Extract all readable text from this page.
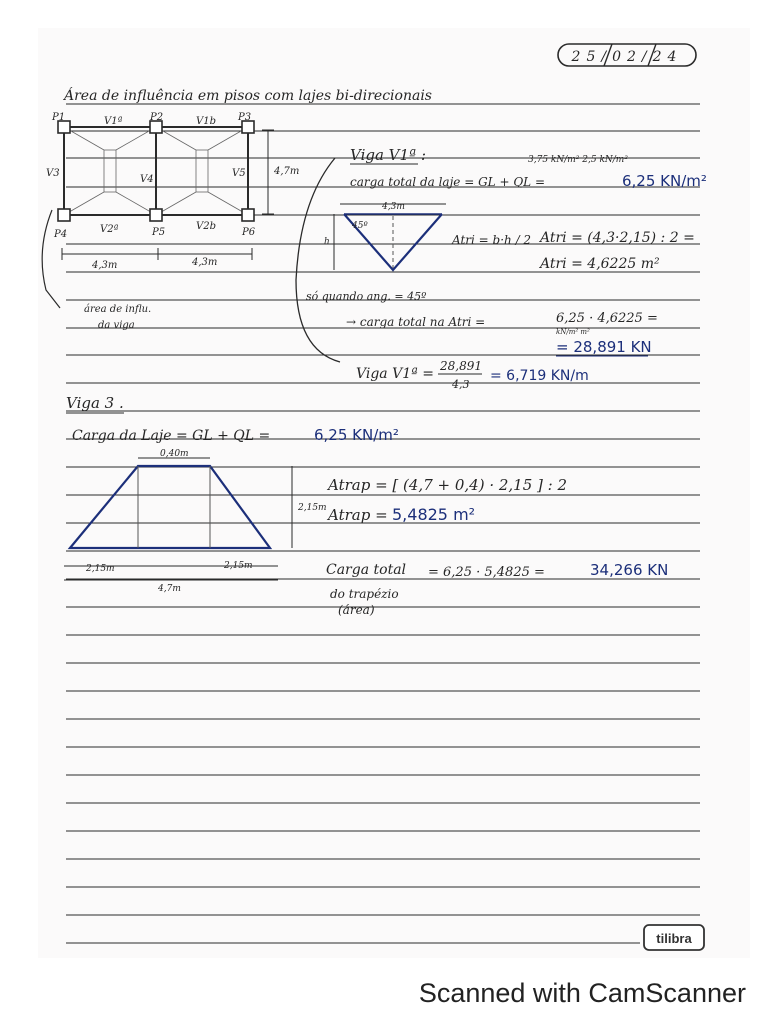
25/02/24
Área de influência em pisos com lajes bi-direcionais
P1	P2	P3
P4	P5	P6
V1ª	V1b
V2ª	V2b
V3
V4
V5	4,7m
4,3m	4,3m
área de influ.
da viga
Viga V1ª :	3,75 kN/m² 2,5 kN/m²
carga total da laje = GL + QL =	6,25 KN/m²
4,3m
45º
h	Atri = b·h / 2 Atri = (4,3·2,15) : 2 =
Atri = 4,6225 m²
só quando ang. = 45º
→ carga total na Atri =	6,25 · 4,6225 =
kN/m² m²
= 28,891 KN
Viga V1ª = 28,891
4,3
= 6,719 KN/m
Viga 3 .
Carga da Laje = GL + QL =	6,25 KN/m²
0,40m
2,15m
2,15m	2,15m
4,7m
Atrap = [ (4,7 + 0,4) · 2,15 ] : 2
Atrap = 5,4825 m²
Carga total
do trapézio
(área)
= 6,25 · 5,4825 =	34,266 KN
tilibra
Scanned with CamScanner
